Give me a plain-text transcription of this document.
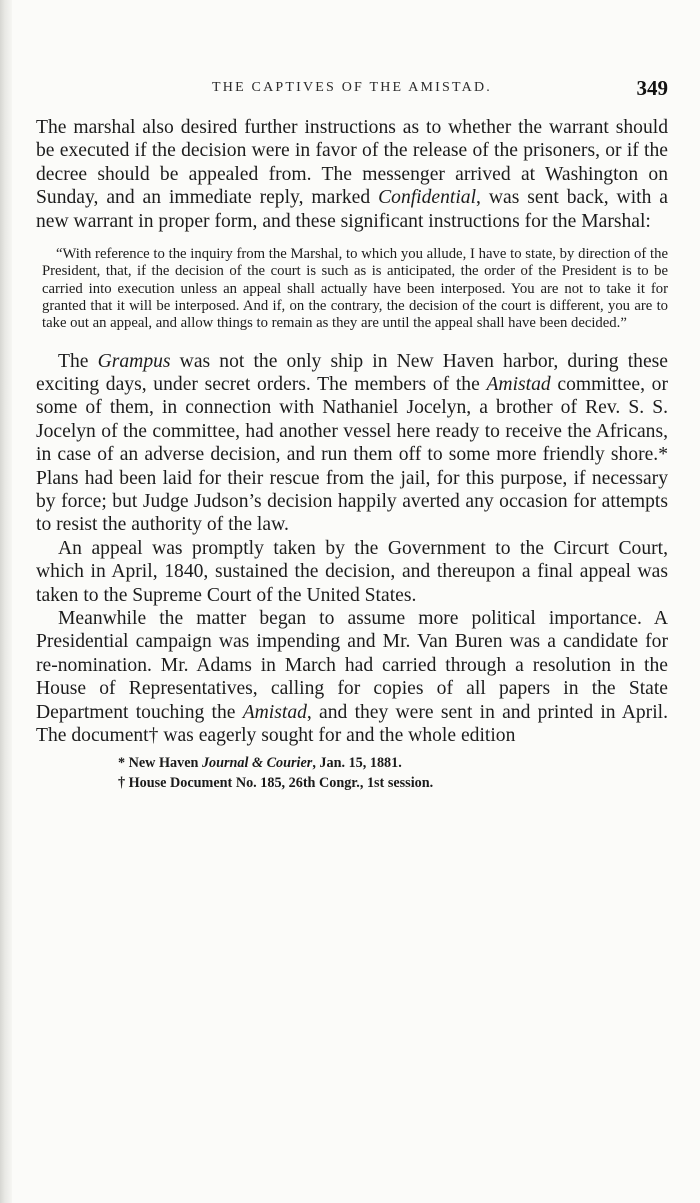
THE CAPTIVES OF THE AMISTAD.	349

The marshal also desired further instructions as to whether the warrant should be executed if the decision were in favor of the release of the prisoners, or if the decree should be appealed from. The messenger arrived at Washington on Sunday, and an immediate reply, marked Confidential, was sent back, with a new warrant in proper form, and these significant instructions for the Marshal:

“With reference to the inquiry from the Marshal, to which you allude, I have to state, by direction of the President, that, if the decision of the court is such as is anticipated, the order of the President is to be carried into execution unless an appeal shall actually have been interposed. You are not to take it for granted that it will be interposed. And if, on the contrary, the decision of the court is different, you are to take out an appeal, and allow things to remain as they are until the appeal shall have been decided.”

The Grampus was not the only ship in New Haven harbor, during these exciting days, under secret orders. The members of the Amistad committee, or some of them, in connection with Nathaniel Jocelyn, a brother of Rev. S. S. Jocelyn of the committee, had another vessel here ready to receive the Africans, in case of an adverse decision, and run them off to some more friendly shore.* Plans had been laid for their rescue from the jail, for this purpose, if necessary by force; but Judge Judson’s decision happily averted any occasion for attempts to resist the authority of the law.

An appeal was promptly taken by the Government to the Circurt Court, which in April, 1840, sustained the decision, and thereupon a final appeal was taken to the Supreme Court of the United States.

Meanwhile the matter began to assume more political importance. A Presidential campaign was impending and Mr. Van Buren was a candidate for re-nomination. Mr. Adams in March had carried through a resolution in the House of Representatives, calling for copies of all papers in the State Department touching the Amistad, and they were sent in and printed in April. The document† was eagerly sought for and the whole edition

* New Haven Journal & Courier, Jan. 15, 1881.
† House Document No. 185, 26th Congr., 1st session.
